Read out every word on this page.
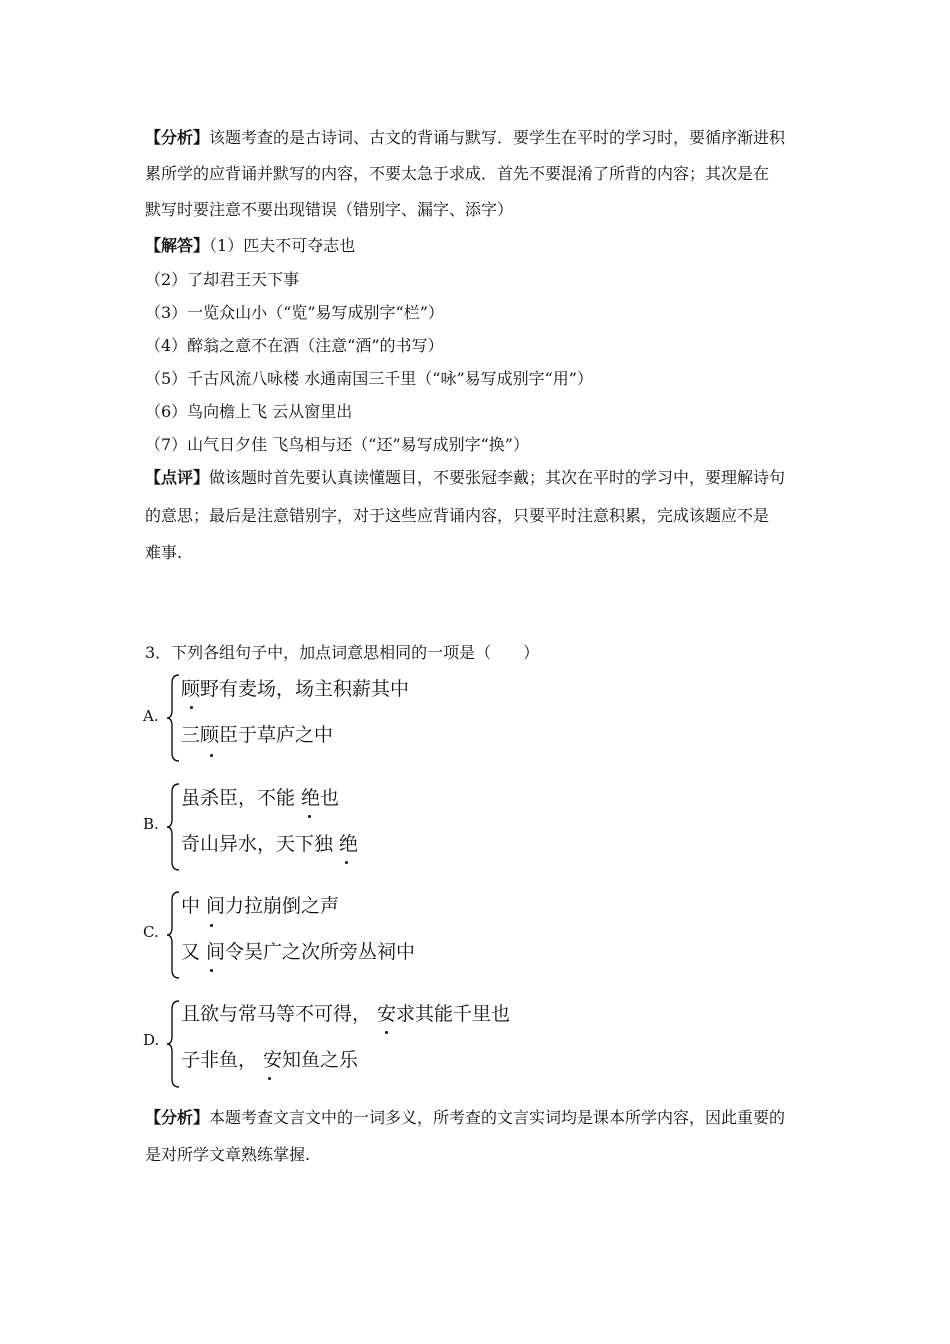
【分析】该题考查的是古诗词、古文的背诵与默写．要学生在平时的学习时，要循序渐进积
累所学的应背诵并默写的内容，不要太急于求成．首先不要混淆了所背的内容；其次是在
默写时要注意不要出现错误（错别字、漏字、添字）
【解答】（1）匹夫不可夺志也
（2）了却君王天下事
（3）一览众山小（“览”易写成别字“栏”）
（4）醉翁之意不在酒（注意“酒”的书写）
（5）千古风流八咏楼 水通南国三千里（“咏”易写成别字“用”）
（6）鸟向檐上飞 云从窗里出
（7）山气日夕佳 飞鸟相与还（“还”易写成别字“换”）
【点评】做该题时首先要认真读懂题目，不要张冠李戴；其次在平时的学习中，要理解诗句
的意思；最后是注意错别字，对于这些应背诵内容，只要平时注意积累，完成该题应不是
难事.
3．下列各组句子中，加点词意思相同的一项是（　　）
A.
顾野有麦场，场主积薪其中
三顾臣于草庐之中
B.
虽杀臣，不能 绝也
奇山异水，天下独 绝
C.
中 间力拉崩倒之声
又 间令吴广之次所旁丛祠中
D.
且欲与常马等不可得， 安求其能千里也
子非鱼， 安知鱼之乐
【分析】本题考查文言文中的一词多义，所考查的文言实词均是课本所学内容，因此重要的
是对所学文章熟练掌握.
